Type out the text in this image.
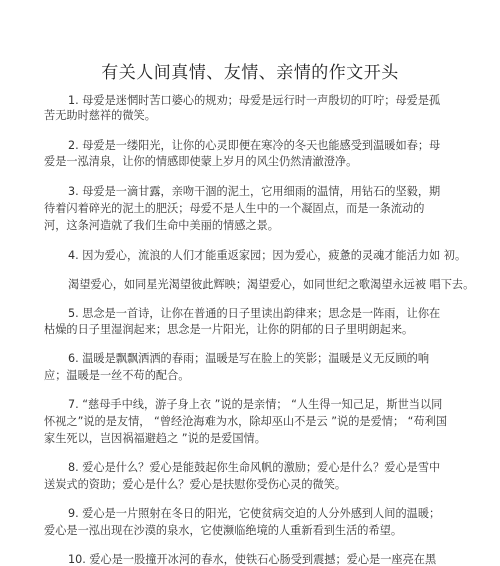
有关人间真情、友情、亲情的作文开头
1. 母爱是迷惘时苦口婆心的规劝；母爱是远行时一声殷切的叮咛；母爱是孤
苦无助时慈祥的微笑。
2. 母爱是一缕阳光，让你的心灵即便在寒冷的冬天也能感受到温暖如春；母
爱是一泓清泉，让你的情感即使蒙上岁月的风尘仍然清澈澄净。
3. 母爱是一滴甘露，亲吻干涸的泥土，它用细雨的温情，用钻石的坚毅，期
待着闪着碎光的泥土的肥沃；母爱不是人生中的一个凝固点，而是一条流动的
河，这条河造就了我们生命中美丽的情感之景。
4. 因为爱心，流浪的人们才能重返家园；因为爱心，疲惫的灵魂才能活力如 初。
渴望爱心，如同星光渴望彼此辉映；渴望爱心，如同世纪之歌渴望永远被 唱下去。
5. 思念是一首诗，让你在普通的日子里读出韵律来；思念是一阵雨，让你在
枯燥的日子里湿润起来；思念是一片阳光，让你的阴郁的日子里明朗起来。
6. 温暖是飘飘洒洒的春雨；温暖是写在脸上的笑影；温暖是义无反顾的响
应；温暖是一丝不苟的配合。
7. “慈母手中线，游子身上衣 ”说的是亲情； “人生得一知己足，斯世当以同
怀视之”说的是友情， “曾经沧海难为水，除却巫山不是云 ”说的是爱情； “苟利国
家生死以，岂因祸福避趋之 ”说的是爱国情。
8. 爱心是什么？爱心是能鼓起你生命风帆的激励；爱心是什么？爱心是雪中
送炭式的资助；爱心是什么？爱心是扶慰你受伤心灵的微笑。
9. 爱心是一片照射在冬日的阳光，它使贫病交迫的人分外感到人间的温暖；
爱心是一泓出现在沙漠的泉水，它使濒临绝境的人重新看到生活的希望。
10. 爱心是一股撞开冰河的春水，使铁石心肠受到震撼；爱心是一座亮在黑
